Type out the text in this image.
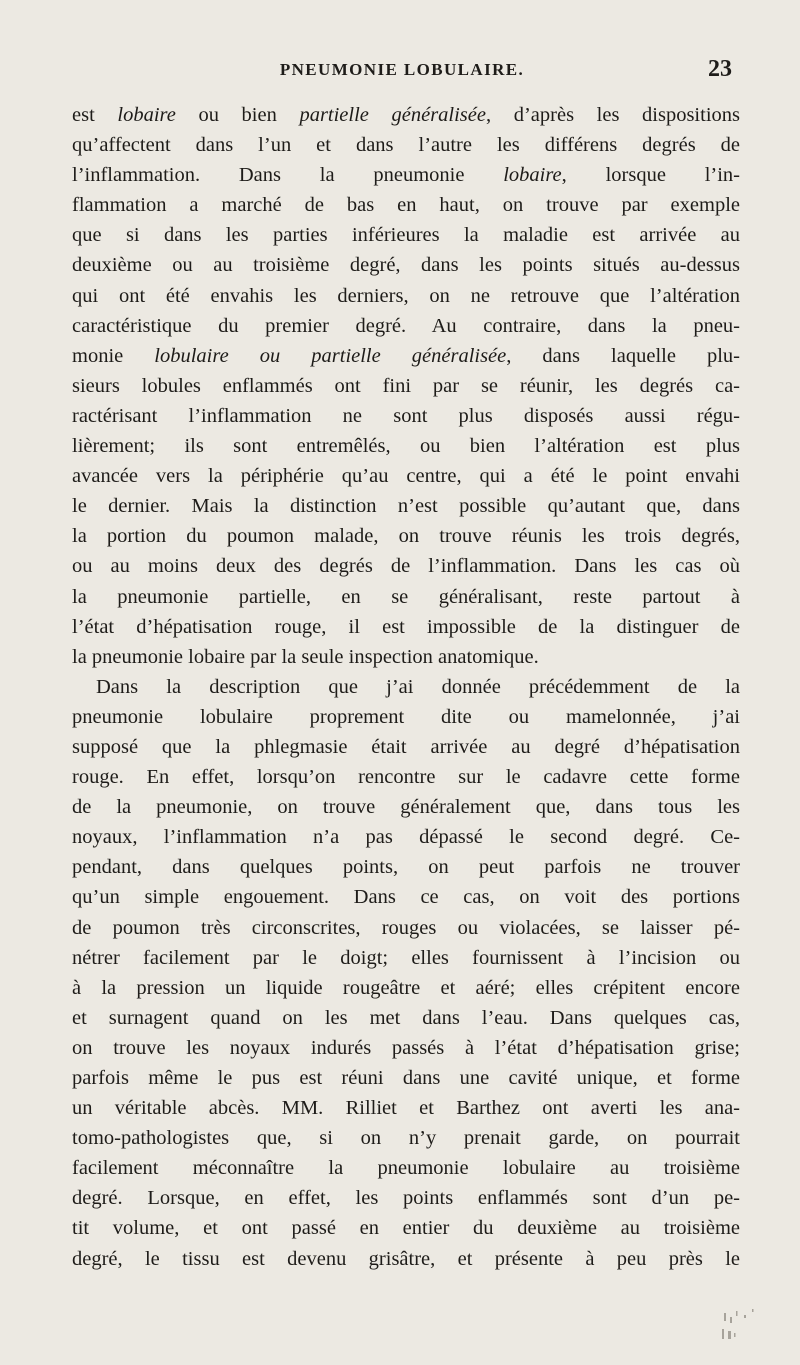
PNEUMONIE LOBULAIRE.	23
est lobaire ou bien partielle généralisée, d’après les dispositions
qu’affectent dans l’un et dans l’autre les différens degrés de
l’inflammation. Dans la pneumonie lobaire, lorsque l’in-
flammation a marché de bas en haut, on trouve par exemple
que si dans les parties inférieures la maladie est arrivée au
deuxième ou au troisième degré, dans les points situés au-dessus
qui ont été envahis les derniers, on ne retrouve que l’altération
caractéristique du premier degré. Au contraire, dans la pneu-
monie lobulaire ou partielle généralisée, dans laquelle plu-
sieurs lobules enflammés ont fini par se réunir, les degrés ca-
ractérisant l’inflammation ne sont plus disposés aussi régu-
lièrement; ils sont entremêlés, ou bien l’altération est plus
avancée vers la périphérie qu’au centre, qui a été le point envahi
le dernier. Mais la distinction n’est possible qu’autant que, dans
la portion du poumon malade, on trouve réunis les trois degrés,
ou au moins deux des degrés de l’inflammation. Dans les cas où
la pneumonie partielle, en se généralisant, reste partout à
l’état d’hépatisation rouge, il est impossible de la distinguer de
la pneumonie lobaire par la seule inspection anatomique.
Dans la description que j’ai donnée précédemment de la
pneumonie lobulaire proprement dite ou mamelonnée, j’ai
supposé que la phlegmasie était arrivée au degré d’hépatisation
rouge. En effet, lorsqu’on rencontre sur le cadavre cette forme
de la pneumonie, on trouve généralement que, dans tous les
noyaux, l’inflammation n’a pas dépassé le second degré. Ce-
pendant, dans quelques points, on peut parfois ne trouver
qu’un simple engouement. Dans ce cas, on voit des portions
de poumon très circonscrites, rouges ou violacées, se laisser pé-
nétrer facilement par le doigt; elles fournissent à l’incision ou
à la pression un liquide rougeâtre et aéré; elles crépitent encore
et surnagent quand on les met dans l’eau. Dans quelques cas,
on trouve les noyaux indurés passés à l’état d’hépatisation grise;
parfois même le pus est réuni dans une cavité unique, et forme
un véritable abcès. MM. Rilliet et Barthez ont averti les ana-
tomo-pathologistes que, si on n’y prenait garde, on pourrait
facilement méconnaître la pneumonie lobulaire au troisième
degré. Lorsque, en effet, les points enflammés sont d’un pe-
tit volume, et ont passé en entier du deuxième au troisième
degré, le tissu est devenu grisâtre, et présente à peu près le
